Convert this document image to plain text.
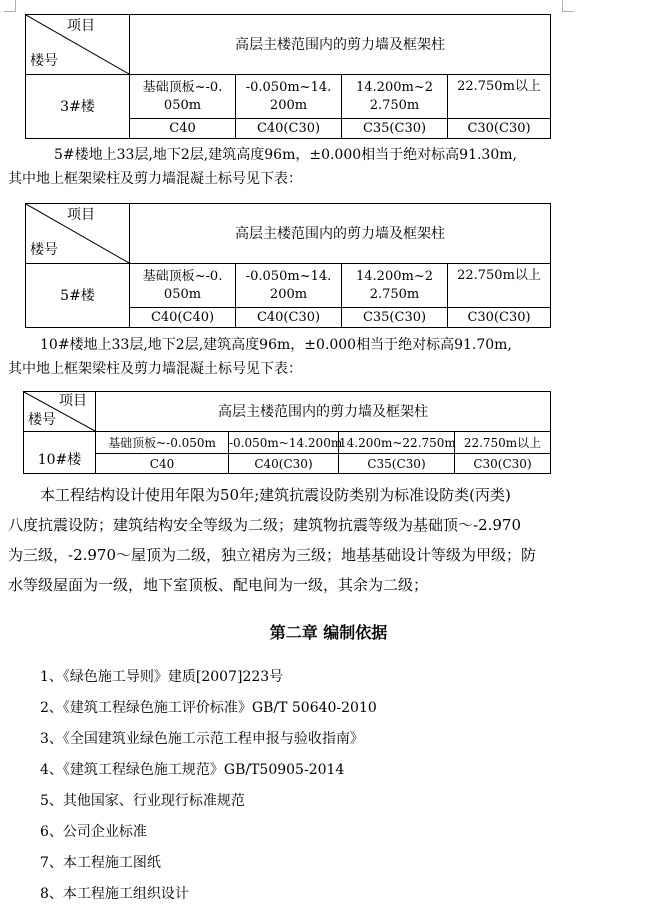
项目
楼号	高层主楼范围内的剪力墙及框架柱			
3#楼	基础顶板~-0.050m	-0.050m~14.200m	14.200m~22.750m	22.750m以上
	C40	C40(C30)	C35(C30)	C30(C30)
5#楼地上33层,地下2层,建筑高度96m，±0.000相当于绝对标高91.30m,
其中地上框架梁柱及剪力墙混凝土标号见下表：
项目
楼号	高层主楼范围内的剪力墙及框架柱			
5#楼	基础顶板~-0.050m	-0.050m~14.200m	14.200m~22.750m	22.750m以上
	C40(C40)	C40(C30)	C35(C30)	C30(C30)
10#楼地上33层,地下2层,建筑高度96m，±0.000相当于绝对标高91.70m,
其中地上框架梁柱及剪力墙混凝土标号见下表：
项目
楼号	高层主楼范围内的剪力墙及框架柱			
10#楼	基础顶板~-0.050m	-0.050m~14.200m	14.200m~22.750m	22.750m以上
	C40	C40(C30)	C35(C30)	C30(C30)
本工程结构设计使用年限为50年;建筑抗震设防类别为标准设防类(丙类)
八度抗震设防；建筑结构安全等级为二级；建筑物抗震等级为基础顶～-2.970
为三级，-2.970～屋顶为二级，独立裙房为三级；地基基础设计等级为甲级；防
水等级屋面为一级，地下室顶板、配电间为一级，其余为二级；
第二章 编制依据
1、《绿色施工导则》建质[2007]223号
2、《建筑工程绿色施工评价标准》GB/T 50640-2010
3、《全国建筑业绿色施工示范工程申报与验收指南》
4、《建筑工程绿色施工规范》GB/T50905-2014
5、其他国家、行业现行标准规范
6、公司企业标准
7、本工程施工图纸
8、本工程施工组织设计
